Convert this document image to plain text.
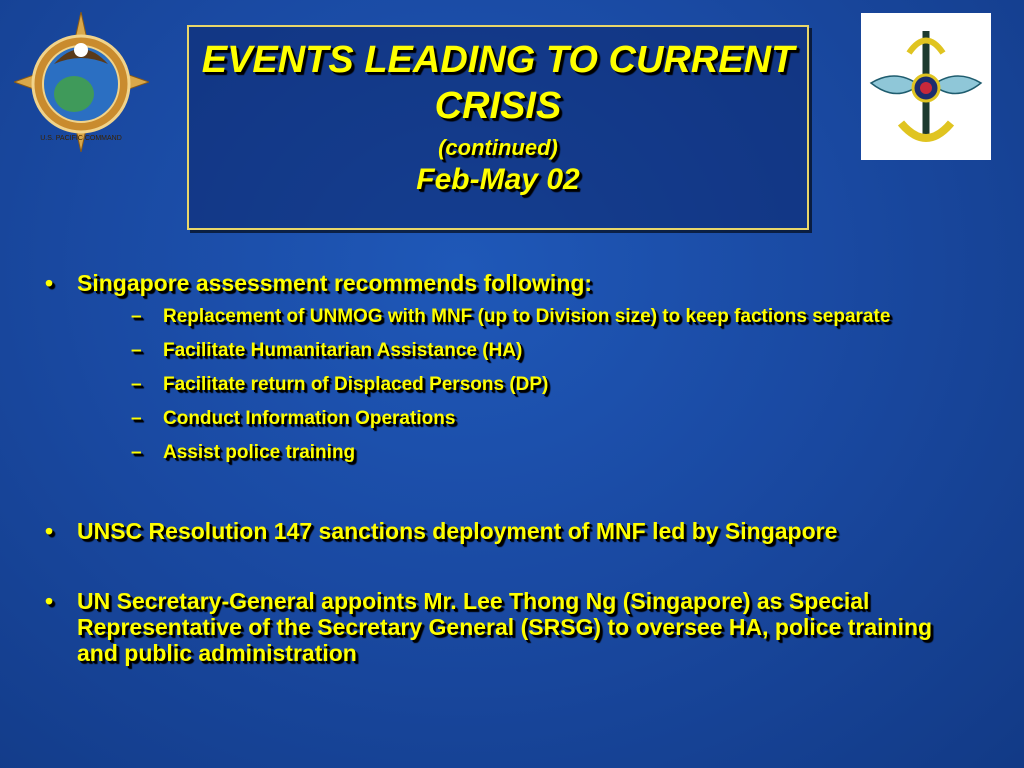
U.S. PACIFIC COMMAND
EVENTS LEADING TO CURRENT CRISIS
(continued)
Feb-May 02
• Singapore assessment recommends following:
– Replacement of UNMOG with MNF (up to Division size) to keep factions separate
– Facilitate Humanitarian Assistance (HA)
– Facilitate return of Displaced Persons (DP)
– Conduct Information Operations
– Assist police training
• UNSC Resolution 147 sanctions deployment of MNF led by Singapore
• UN Secretary-General appoints Mr. Lee Thong Ng (Singapore) as Special Representative of the Secretary General (SRSG) to oversee HA, police training and public administration
